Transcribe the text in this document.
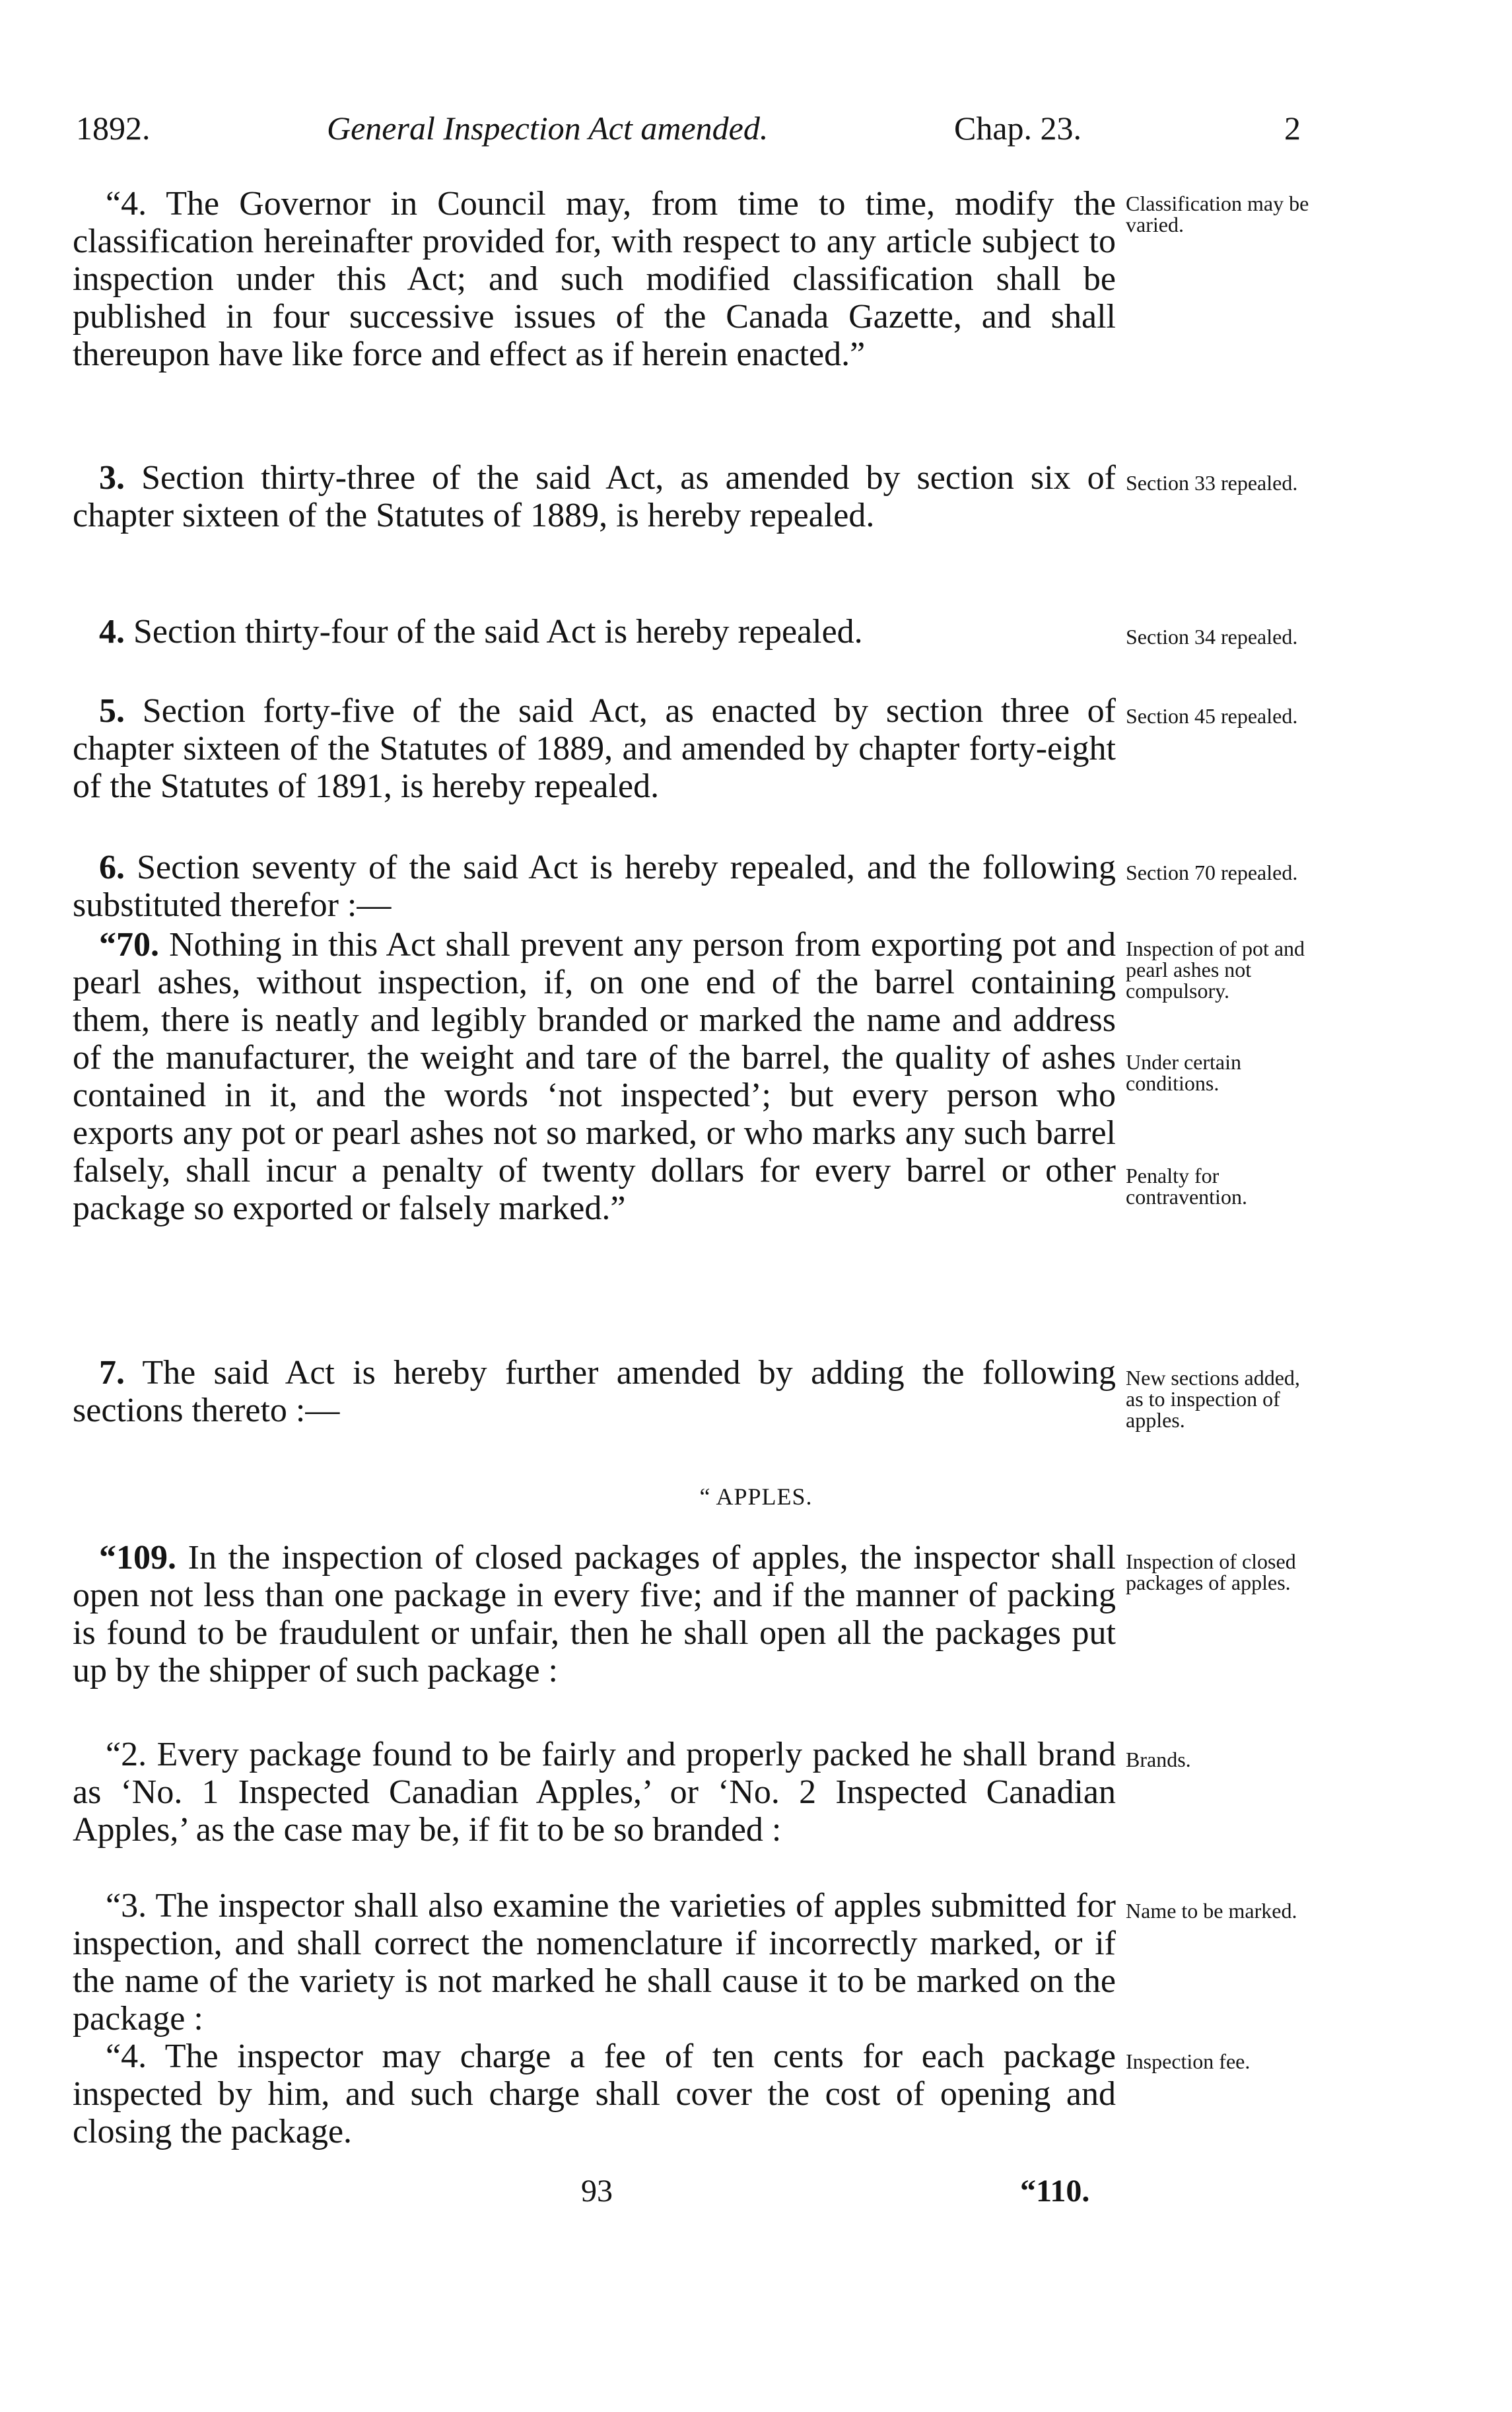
1892.	General Inspection Act amended.	Chap. 23.	2
“4. The Governor in Council may, from time to time, modify the classification hereinafter provided for, with respect to any article subject to inspection under this Act; and such modified classification shall be published in four successive issues of the Canada Gazette, and shall thereupon have like force and effect as if herein enacted.”
Classification may be varied.
3. Section thirty-three of the said Act, as amended by section six of chapter sixteen of the Statutes of 1889, is hereby repealed.
Section 33 repealed.
4. Section thirty-four of the said Act is hereby repealed.	Section 34 repealed.
5. Section forty-five of the said Act, as enacted by section three of chapter sixteen of the Statutes of 1889, and amended by chapter forty-eight of the Statutes of 1891, is hereby repealed.
Section 45 repealed.
6. Section seventy of the said Act is hereby repealed, and the following substituted therefor :—
Section 70 repealed.
“70. Nothing in this Act shall prevent any person from exporting pot and pearl ashes, without inspection, if, on one end of the barrel containing them, there is neatly and legibly branded or marked the name and address of the manufacturer, the weight and tare of the barrel, the quality of ashes contained in it, and the words ‘not inspected’; but every person who exports any pot or pearl ashes not so marked, or who marks any such barrel falsely, shall incur a penalty of twenty dollars for every barrel or other package so exported or falsely marked.”
Inspection of pot and pearl ashes not compulsory.
Under certain conditions.
Penalty for contravention.
7. The said Act is hereby further amended by adding the following sections thereto :—
New sections added, as to inspection of apples.
“ APPLES.
“109. In the inspection of closed packages of apples, the inspector shall open not less than one package in every five; and if the manner of packing is found to be fraudulent or unfair, then he shall open all the packages put up by the shipper of such package :
Inspection of closed packages of apples.
“2. Every package found to be fairly and properly packed he shall brand as ‘No. 1 Inspected Canadian Apples,’ or ‘No. 2 Inspected Canadian Apples,’ as the case may be, if fit to be so branded :
Brands.
“3. The inspector shall also examine the varieties of apples submitted for inspection, and shall correct the nomenclature if incorrectly marked, or if the name of the variety is not marked he shall cause it to be marked on the package :
Name to be marked.
“4. The inspector may charge a fee of ten cents for each package inspected by him, and such charge shall cover the cost of opening and closing the package.
Inspection fee.
93	“110.
